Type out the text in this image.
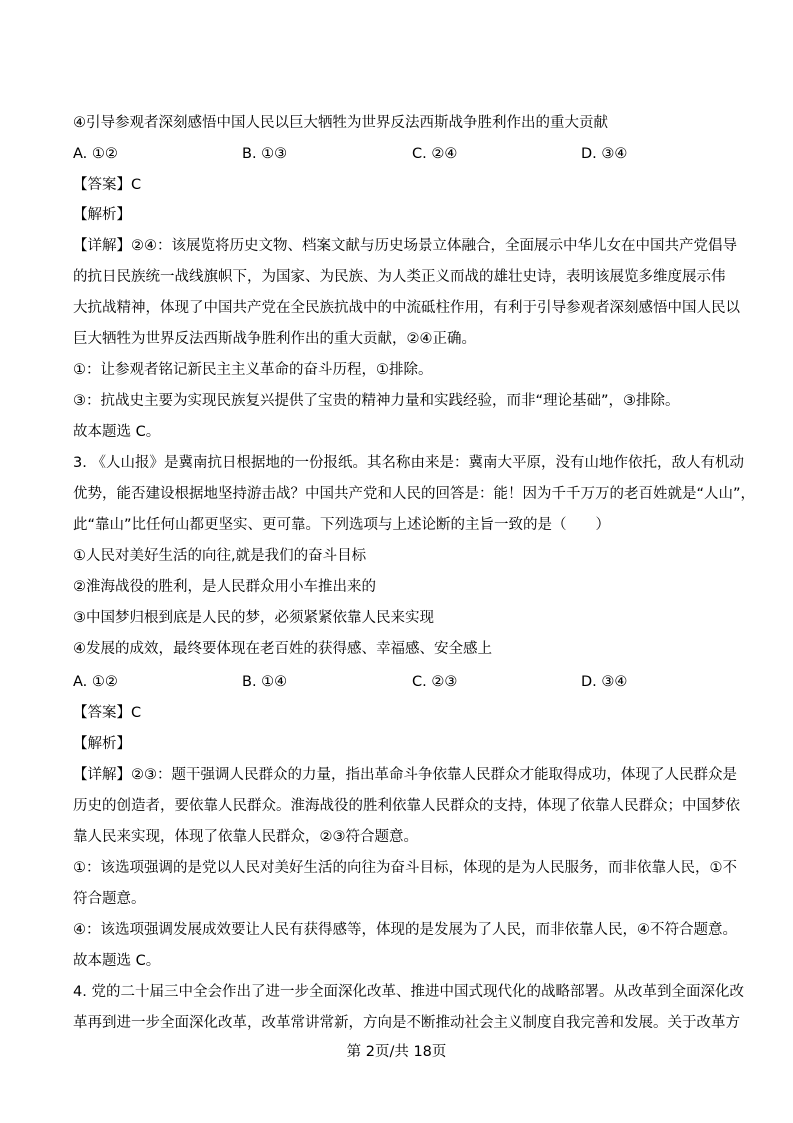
④引导参观者深刻感悟中国人民以巨大牺牲为世界反法西斯战争胜利作出的重大贡献
A. ①②	B. ①③	C. ②④	D. ③④
【答案】C
【解析】
【详解】②④：该展览将历史文物、档案文献与历史场景立体融合，全面展示中华儿女在中国共产党倡导
的抗日民族统一战线旗帜下，为国家、为民族、为人类正义而战的雄壮史诗，表明该展览多维度展示伟
大抗战精神，体现了中国共产党在全民族抗战中的中流砥柱作用，有利于引导参观者深刻感悟中国人民以
巨大牺牲为世界反法西斯战争胜利作出的重大贡献，②④正确。
①：让参观者铭记新民主主义革命的奋斗历程，①排除。
③：抗战史主要为实现民族复兴提供了宝贵的精神力量和实践经验，而非“理论基础”，③排除。
故本题选 C。
3. 《人山报》是冀南抗日根据地的一份报纸。其名称由来是：冀南大平原，没有山地作依托，敌人有机动
优势，能否建设根据地坚持游击战？中国共产党和人民的回答是：能！因为千千万万的老百姓就是“人山”，
此“靠山”比任何山都更坚实、更可靠。下列选项与上述论断的主旨一致的是（　　）
①人民对美好生活的向往,就是我们的奋斗目标
②淮海战役的胜利，是人民群众用小车推出来的
③中国梦归根到底是人民的梦，必须紧紧依靠人民来实现
④发展的成效，最终要体现在老百姓的获得感、幸福感、安全感上
A. ①②	B. ①④	C. ②③	D. ③④
【答案】C
【解析】
【详解】②③：题干强调人民群众的力量，指出革命斗争依靠人民群众才能取得成功，体现了人民群众是
历史的创造者，要依靠人民群众。淮海战役的胜利依靠人民群众的支持，体现了依靠人民群众；中国梦依
靠人民来实现，体现了依靠人民群众，②③符合题意。
①：该选项强调的是党以人民对美好生活的向往为奋斗目标，体现的是为人民服务，而非依靠人民，①不
符合题意。
④：该选项强调发展成效要让人民有获得感等，体现的是发展为了人民，而非依靠人民，④不符合题意。
故本题选 C。
4. 党的二十届三中全会作出了进一步全面深化改革、推进中国式现代化的战略部署。从改革到全面深化改
革再到进一步全面深化改革，改革常讲常新，方向是不断推动社会主义制度自我完善和发展。关于改革方
第 2页/共 18页
